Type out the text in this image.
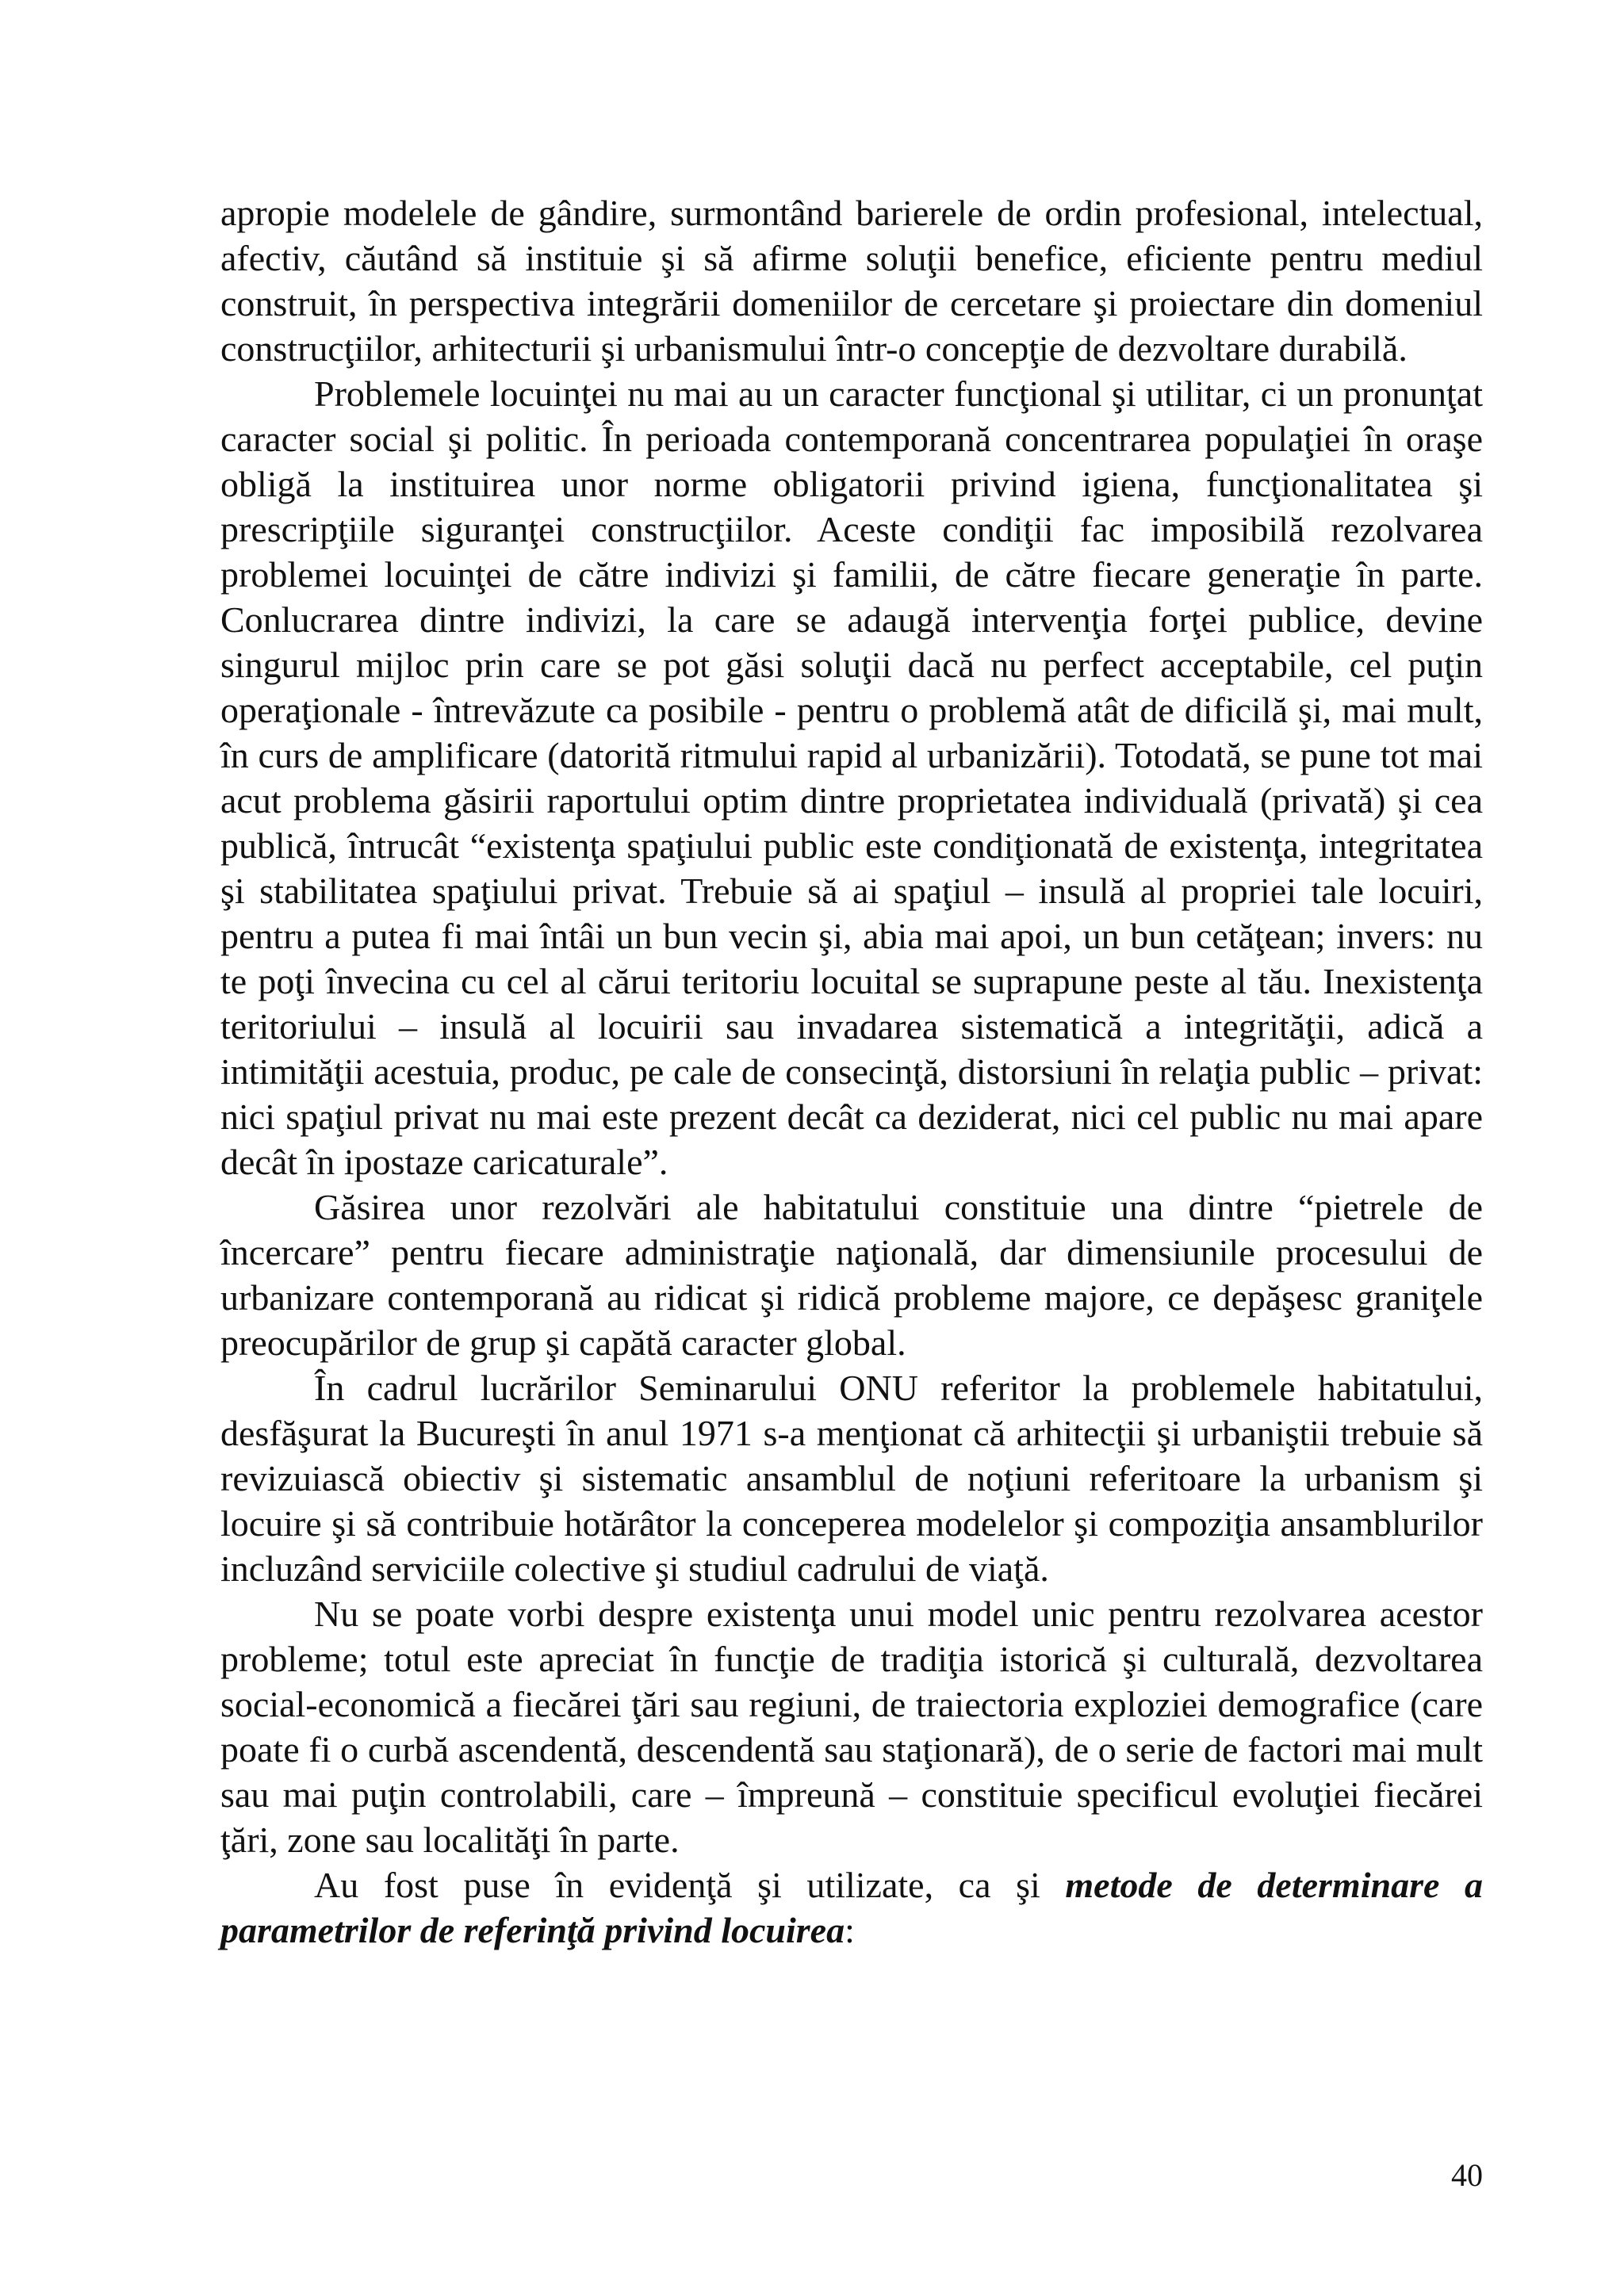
apropie modelele de gândire, surmontând barierele de ordin profesional, intelectual, afectiv, căutând să instituie şi să afirme soluţii benefice, eficiente pentru mediul construit, în perspectiva integrării domeniilor de cercetare şi proiectare din domeniul construcţiilor, arhitecturii şi urbanismului într-o concepţie de dezvoltare durabilă.

Problemele locuinţei nu mai au un caracter funcţional şi utilitar, ci un pronunţat caracter social şi politic. În perioada contemporană concentrarea populaţiei în oraşe obligă la instituirea unor norme obligatorii privind igiena, funcţionalitatea şi prescripţiile siguranţei construcţiilor. Aceste condiţii fac imposibilă rezolvarea problemei locuinţei de către indivizi şi familii, de către fiecare generaţie în parte. Conlucrarea dintre indivizi, la care se adaugă intervenţia forţei publice, devine singurul mijloc prin care se pot găsi soluţii dacă nu perfect acceptabile, cel puţin operaţionale - întrevăzute ca posibile - pentru o problemă atât de dificilă şi, mai mult, în curs de amplificare (datorită ritmului rapid al urbanizării). Totodată, se pune tot mai acut problema găsirii raportului optim dintre proprietatea individuală (privată) şi cea publică, întrucât “existenţa spaţiului public este condiţionată de existenţa, integritatea şi stabilitatea spaţiului privat. Trebuie să ai spaţiul – insulă al propriei tale locuiri, pentru a putea fi mai întâi un bun vecin şi, abia mai apoi, un bun cetăţean; invers: nu te poţi învecina cu cel al cărui teritoriu locuital se suprapune peste al tău. Inexistenţa teritoriului – insulă al locuirii sau invadarea sistematică a integrităţii, adică a intimităţii acestuia, produc, pe cale de consecinţă, distorsiuni în relaţia public – privat: nici spaţiul privat nu mai este prezent decât ca deziderat, nici cel public nu mai apare decât în ipostaze caricaturale”.

Găsirea unor rezolvări ale habitatului constituie una dintre “pietrele de încercare” pentru fiecare administraţie naţională, dar dimensiunile procesului de urbanizare contemporană au ridicat şi ridică probleme majore, ce depăşesc graniţele preocupărilor de grup şi capătă caracter global.

În cadrul lucrărilor Seminarului ONU referitor la problemele habitatului, desfăşurat la Bucureşti în anul 1971 s-a menţionat că arhitecţii şi urbaniştii trebuie să revizuiască obiectiv şi sistematic ansamblul de noţiuni referitoare la urbanism şi locuire şi să contribuie hotărâtor la conceperea modelelor şi compoziţia ansamblurilor incluzând serviciile colective şi studiul cadrului de viaţă.

Nu se poate vorbi despre existenţa unui model unic pentru rezolvarea acestor probleme; totul este apreciat în funcţie de tradiţia istorică şi culturală, dezvoltarea social-economică a fiecărei ţări sau regiuni, de traiectoria exploziei demografice (care poate fi o curbă ascendentă, descendentă sau staţionară), de o serie de factori mai mult sau mai puţin controlabili, care – împreună – constituie specificul evoluţiei fiecărei ţări, zone sau localităţi în parte.

Au fost puse în evidenţă şi utilizate, ca şi metode de determinare a parametrilor de referinţă privind locuirea:

40
